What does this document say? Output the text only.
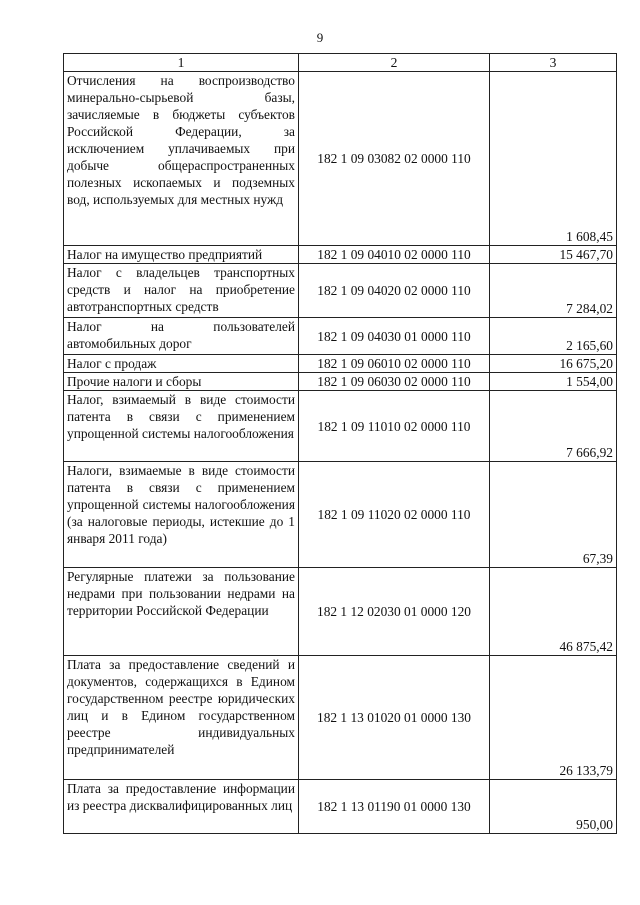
9
1	2	3
Отчисления на воспроизводство минерально-сырьевой базы, зачисляемые в бюджеты субъектов Российской Федерации, за исключением уплачиваемых при добыче общераспространенных полезных ископаемых и подземных вод, используемых для местных нужд	182 1 09 03082 02 0000 110	1 608,45
Налог на имущество предприятий	182 1 09 04010 02 0000 110	15 467,70
Налог с владельцев транспортных средств и налог на приобретение автотранспортных средств	182 1 09 04020 02 0000 110	7 284,02
Налог на пользователей автомобильных дорог	182 1 09 04030 01 0000 110	2 165,60
Налог с продаж	182 1 09 06010 02 0000 110	16 675,20
Прочие налоги и сборы	182 1 09 06030 02 0000 110	1 554,00
Налог, взимаемый в виде стоимости патента в связи с применением упрощенной системы налогообложения	182 1 09 11010 02 0000 110	7 666,92
Налоги, взимаемые в виде стоимости патента в связи с применением упрощенной системы налогообложения (за налоговые периоды, истекшие до 1 января 2011 года)	182 1 09 11020 02 0000 110	67,39
Регулярные платежи за пользование недрами при пользовании недрами на территории Российской Федерации	182 1 12 02030 01 0000 120	46 875,42
Плата за предоставление сведений и документов, содержащихся в Едином государственном реестре юридических лиц и в Едином государственном реестре индивидуальных предпринимателей	182 1 13 01020 01 0000 130	26 133,79
Плата за предоставление информации из реестра дисквалифицированных лиц	182 1 13 01190 01 0000 130	950,00
